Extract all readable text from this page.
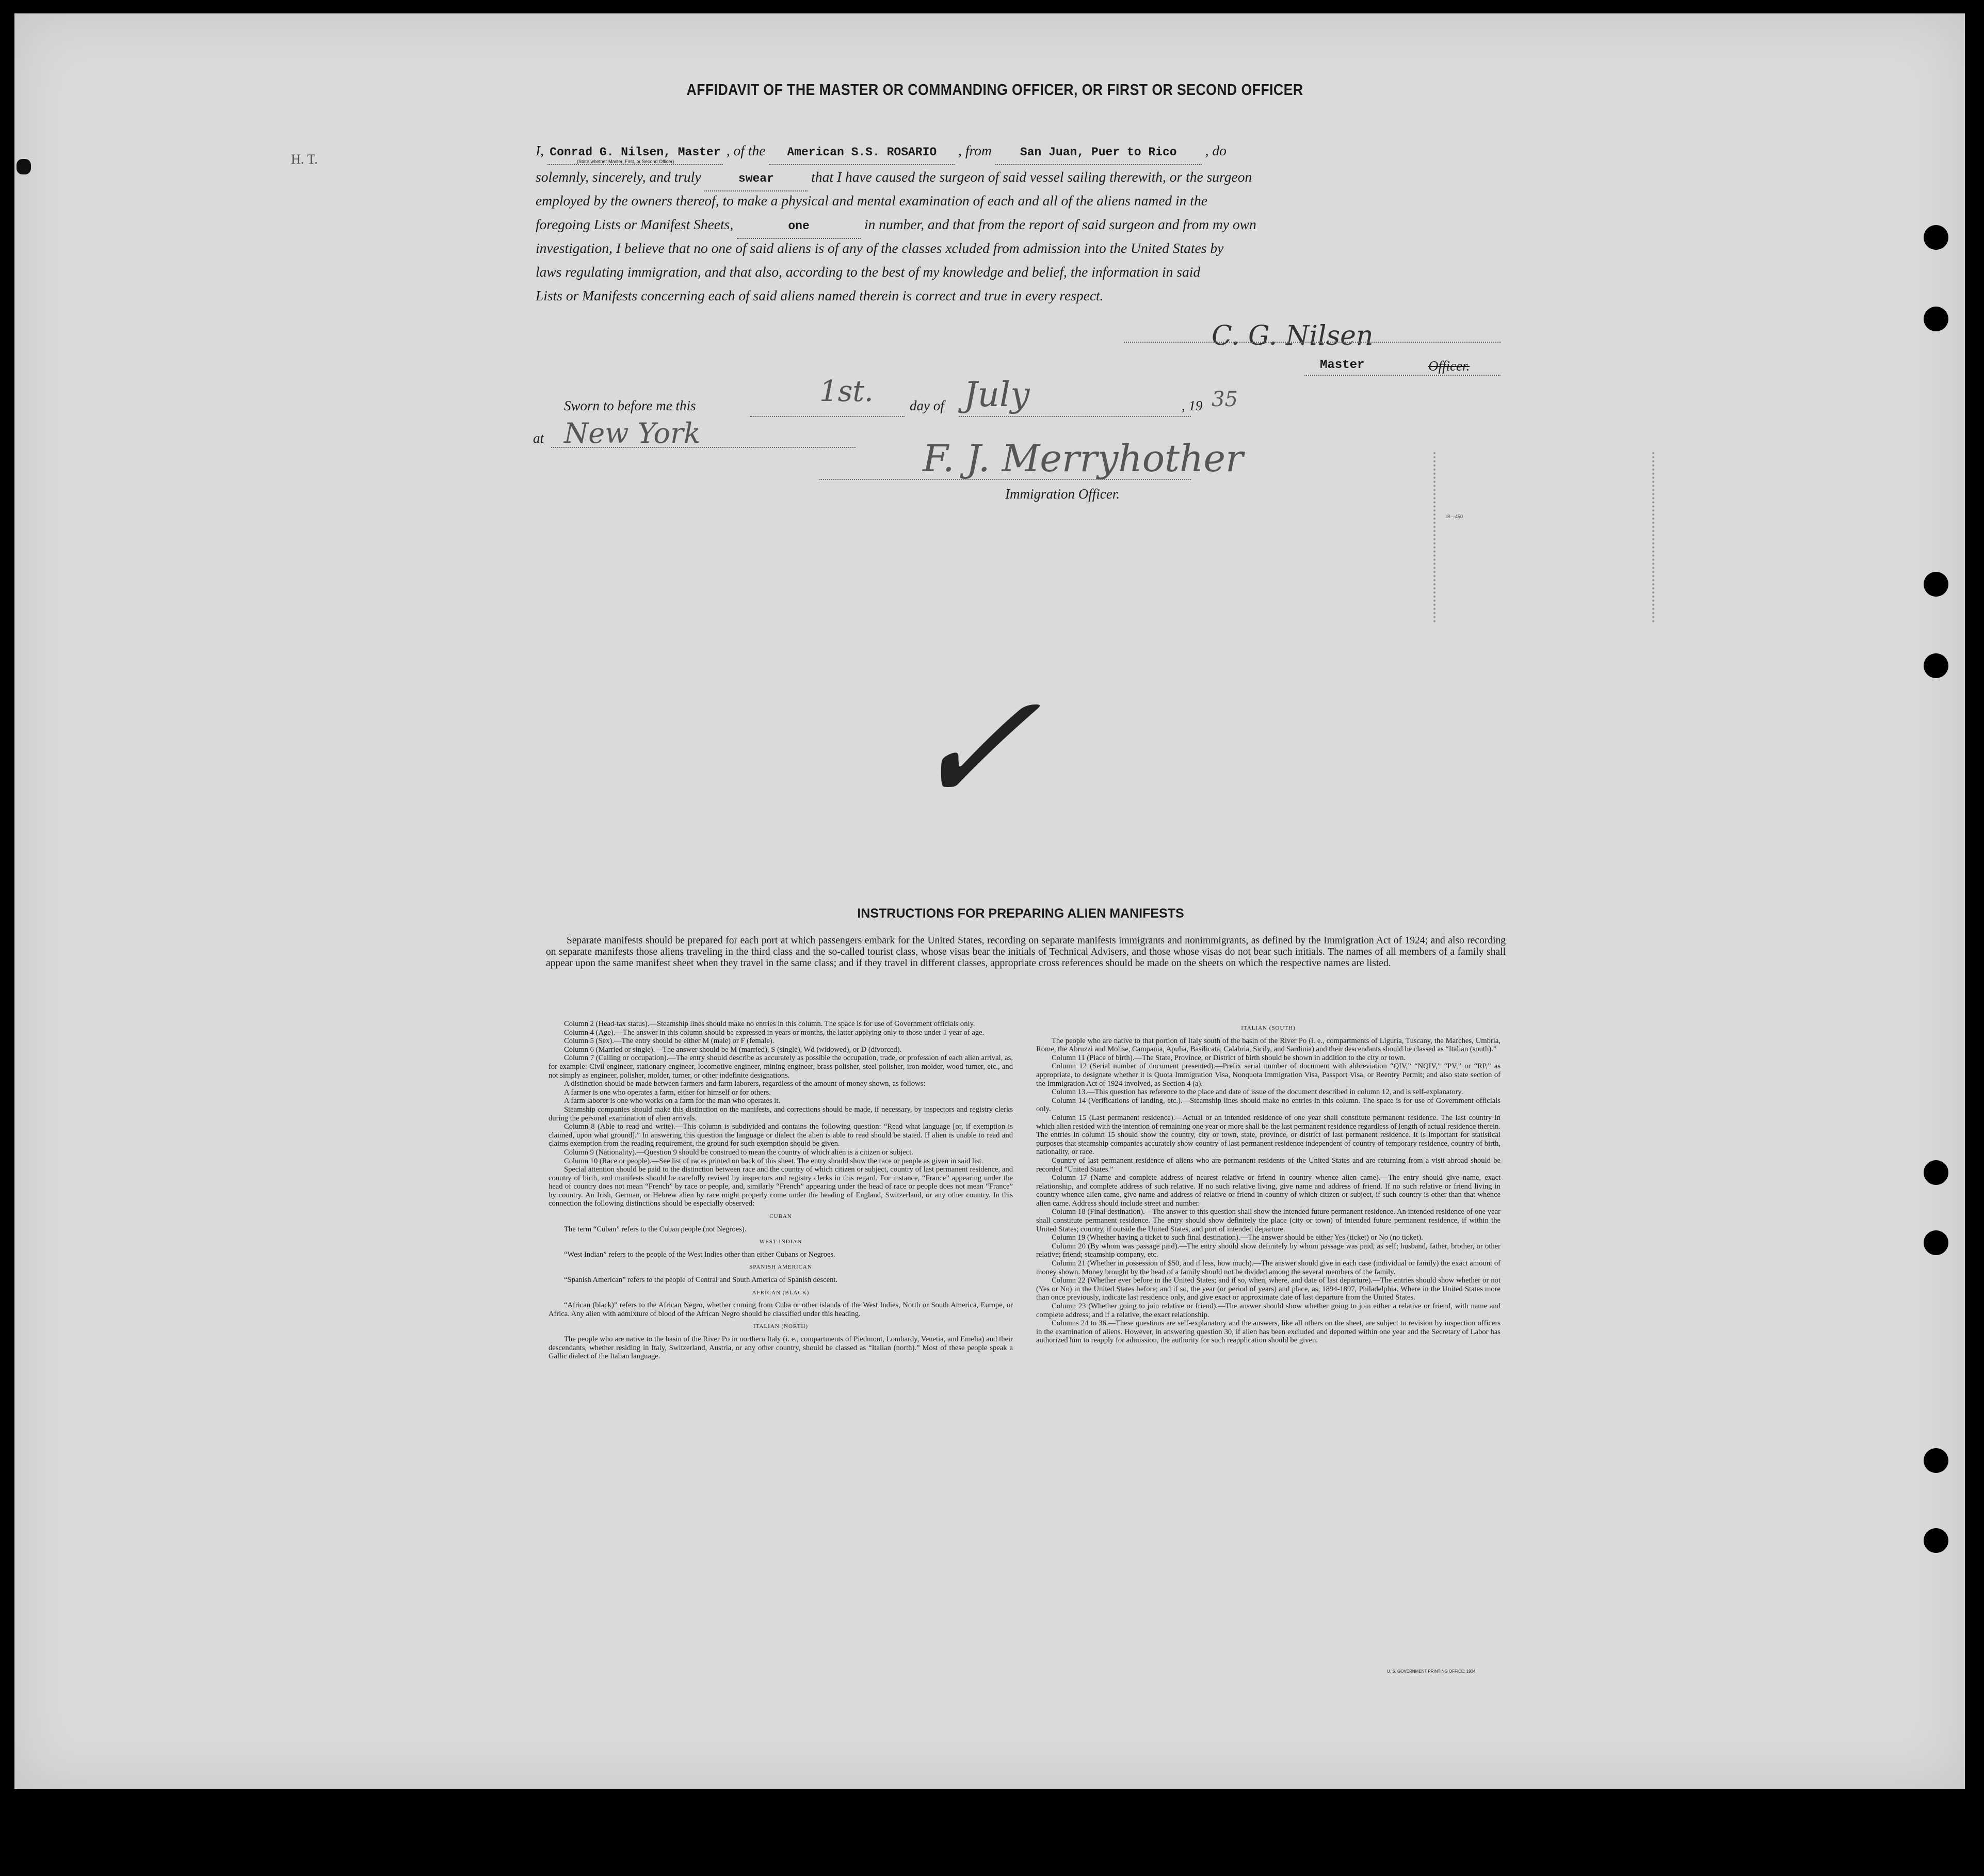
H. T.
AFFIDAVIT OF THE MASTER OR COMMANDING OFFICER, OR FIRST OR SECOND OFFICER
I, Conrad G. Nilsen, Master , of the American S.S. ROSARIO , from San Juan, Puer to Rico , do
(State whether Master, First, or Second Officer)
solemnly, sincerely, and truly	swear	that I have caused the surgeon of said vessel sailing therewith, or the surgeon
employed by the owners thereof, to make a physical and mental examination of each and all of the aliens named in the
foregoing Lists or Manifest Sheets,	one	in number, and that from the report of said surgeon and from my own
investigation, I believe that no one of said aliens is of any of the classes xcluded from admission into the United States by
laws regulating immigration, and that also, according to the best of my knowledge and belief, the information in said
Lists or Manifests concerning each of said aliens named therein is correct and true in every respect.
C. G. Nilsen
Master	Officer.
Sworn to before me this	1st.	day of July	, 19 35
at New York
F. J. Merryhother
Immigration Officer.
18—450
✓
INSTRUCTIONS FOR PREPARING ALIEN MANIFESTS

Separate manifests should be prepared for each port at which passengers embark for the United States, recording on separate manifests immigrants and nonimmigrants, as defined by the Immigration Act of 1924; and also recording on separate manifests those aliens traveling in the third class and the so-called tourist class, whose visas bear the initials of Technical Advisers, and those whose visas do not bear such initials. The names of all members of a family shall appear upon the same manifest sheet when they travel in the same class; and if they travel in different classes, appropriate cross references should be made on the sheets on which the respective names are listed.

Column 2 (Head-tax status).—Steamship lines should make no entries in this column. The space is for use of Government officials only.

Column 4 (Age).—The answer in this column should be expressed in years or months, the latter applying only to those under 1 year of age.

Column 5 (Sex).—The entry should be either M (male) or F (female).

Column 6 (Married or single).—The answer should be M (married), S (single), Wd (widowed), or D (divorced).

Column 7 (Calling or occupation).—The entry should describe as accurately as possible the occupation, trade, or profession of each alien arrival, as, for example: Civil engineer, stationary engineer, locomotive engineer, mining engineer, brass polisher, steel polisher, iron molder, wood turner, etc., and not simply as engineer, polisher, molder, turner, or other indefinite designations.

A distinction should be made between farmers and farm laborers, regardless of the amount of money shown, as follows:

A farmer is one who operates a farm, either for himself or for others.

A farm laborer is one who works on a farm for the man who operates it.

Steamship companies should make this distinction on the manifests, and corrections should be made, if necessary, by inspectors and registry clerks during the personal examination of alien arrivals.

Column 8 (Able to read and write).—This column is subdivided and contains the following question: “Read what language [or, if exemption is claimed, upon what ground].” In answering this question the language or dialect the alien is able to read should be stated. If alien is unable to read and claims exemption from the reading requirement, the ground for such exemption should be given.

Column 9 (Nationality).—Question 9 should be construed to mean the country of which alien is a citizen or subject.

Column 10 (Race or people).—See list of races printed on back of this sheet. The entry should show the race or people as given in said list.

Special attention should be paid to the distinction between race and the country of which citizen or subject, country of last permanent residence, and country of birth, and manifests should be carefully revised by inspectors and registry clerks in this regard. For instance, “France” appearing under the head of country does not mean “French” by race or people, and, similarly “French” appearing under the head of race or people does not mean “France” by country. An Irish, German, or Hebrew alien by race might properly come under the heading of England, Switzerland, or any other country. In this connection the following distinctions should be especially observed:

CUBAN

The term “Cuban” refers to the Cuban people (not Negroes).

WEST INDIAN

“West Indian” refers to the people of the West Indies other than either Cubans or Negroes.

SPANISH AMERICAN

“Spanish American” refers to the people of Central and South America of Spanish descent.

AFRICAN (BLACK)

“African (black)” refers to the African Negro, whether coming from Cuba or other islands of the West Indies, North or South America, Europe, or Africa. Any alien with admixture of blood of the African Negro should be classified under this heading.

ITALIAN (NORTH)

The people who are native to the basin of the River Po in northern Italy (i. e., compartments of Piedmont, Lombardy, Venetia, and Emelia) and their descendants, whether residing in Italy, Switzerland, Austria, or any other country, should be classed as “Italian (north).” Most of these people speak a Gallic dialect of the Italian language.

ITALIAN (SOUTH)

The people who are native to that portion of Italy south of the basin of the River Po (i. e., compartments of Liguria, Tuscany, the Marches, Umbria, Rome, the Abruzzi and Molise, Campania, Apulia, Basilicata, Calabria, Sicily, and Sardinia) and their descendants should be classed as “Italian (south).”

Column 11 (Place of birth).—The State, Province, or District of birth should be shown in addition to the city or town.

Column 12 (Serial number of document presented).—Prefix serial number of document with abbreviation “QIV,” “NQIV,” “PV,” or “RP,” as appropriate, to designate whether it is Quota Immigration Visa, Nonquota Immigration Visa, Passport Visa, or Reentry Permit; and also state section of the Immigration Act of 1924 involved, as Section 4 (a).

Column 13.—This question has reference to the place and date of issue of the document described in column 12, and is self-explanatory.

Column 14 (Verifications of landing, etc.).—Steamship lines should make no entries in this column. The space is for use of Government officials only.

Column 15 (Last permanent residence).—Actual or an intended residence of one year shall constitute permanent residence. The last country in which alien resided with the intention of remaining one year or more shall be the last permanent residence regardless of length of actual residence therein. The entries in column 15 should show the country, city or town, state, province, or district of last permanent residence. It is important for statistical purposes that steamship companies accurately show country of last permanent residence independent of country of temporary residence, country of birth, nationality, or race.

Country of last permanent residence of aliens who are permanent residents of the United States and are returning from a visit abroad should be recorded “United States.”

Column 17 (Name and complete address of nearest relative or friend in country whence alien came).—The entry should give name, exact relationship, and complete address of such relative. If no such relative living, give name and address of friend. If no such relative or friend living in country whence alien came, give name and address of relative or friend in country of which citizen or subject, if such country is other than that whence alien came. Address should include street and number.

Column 18 (Final destination).—The answer to this question shall show the intended future permanent residence. An intended residence of one year shall constitute permanent residence. The entry should show definitely the place (city or town) of intended future permanent residence, if within the United States; country, if outside the United States, and port of intended departure.

Column 19 (Whether having a ticket to such final destination).—The answer should be either Yes (ticket) or No (no ticket).

Column 20 (By whom was passage paid).—The entry should show definitely by whom passage was paid, as self; husband, father, brother, or other relative; friend; steamship company, etc.

Column 21 (Whether in possession of $50, and if less, how much).—The answer should give in each case (individual or family) the exact amount of money shown. Money brought by the head of a family should not be divided among the several members of the family.

Column 22 (Whether ever before in the United States; and if so, when, where, and date of last departure).—The entries should show whether or not (Yes or No) in the United States before; and if so, the year (or period of years) and place, as, 1894-1897, Philadelphia. Where in the United States more than once previously, indicate last residence only, and give exact or approximate date of last departure from the United States.

Column 23 (Whether going to join relative or friend).—The answer should show whether going to join either a relative or friend, with name and complete address; and if a relative, the exact relationship.

Columns 24 to 36.—These questions are self-explanatory and the answers, like all others on the sheet, are subject to revision by inspection officers in the examination of aliens. However, in answering question 30, if alien has been excluded and deported within one year and the Secretary of Labor has authorized him to reapply for admission, the authority for such reapplication should be given.

U. S. GOVERNMENT PRINTING OFFICE: 1934
